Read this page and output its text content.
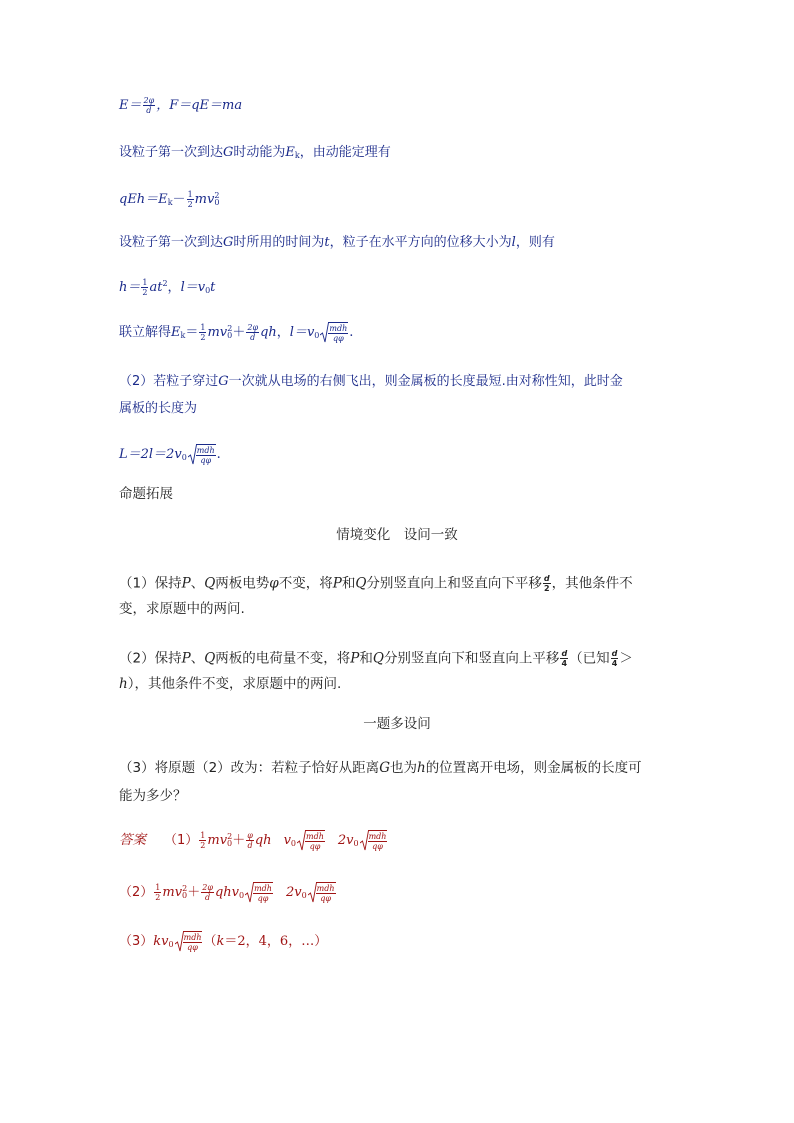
$E= \frac{2\varphi}{d}$ ，F＝qE＝ma
设粒子第一次到达G时动能为$E_k$，由动能定理有
$qEh=E_k- \frac{1}{2} mv_0^2$
设粒子第一次到达G时所用的时间为t，粒子在水平方向的位移大小为l，则有
$h= \frac{1}{2} at^2$，$l=v_0t$
联立解得$E_k= \frac{1}{2} mv_0^2+ \frac{2\varphi}{d}$ qh，$l=v_0 \frac{\text{mdh}}{q\varphi}$ .
（2）若粒子穿过G一次就从电场的右侧飞出，则金属板的长度最短.由对称性知，此时金
属板的长度为
$L=2l=2v_0 \frac{\text{mdh}}{q\varphi}$ .
命题拓展
情境变化　设问一致
（1）保持P、Q两板电势φ不变，将P和Q分别竖直向上和竖直向下平移 $\frac{d}{2}$ ，其他条件不
变，求原题中的两问.
（2）保持P、Q两板的电荷量不变，将P和Q分别竖直向下和竖直向上平移 $\frac{d}{4}$ （已知 $\frac{d}{4}$ ＞
h），其他条件不变，求原题中的两问.
一题多设问
（3）将原题（2）改为：若粒子恰好从距离G也为h的位置离开电场，则金属板的长度可
能为多少？
答案 $(1) \frac{1}{2} mv_0^2+ \frac{\varphi}{d}$ qh $v_0 \frac{\text{mdh}}{q\varphi} 2v_0 \frac{\text{mdh}}{q\varphi}$
$(2) \frac{1}{2} mv_0^2+ \frac{2\varphi}{d} qhv_0 \frac{\text{mdh}}{q\varphi} 2v_0 \frac{\text{mdh}}{q\varphi}$
$(3)kv_0 \frac{\text{mdh}}{q\varphi} (k=2$，4，6，…）
